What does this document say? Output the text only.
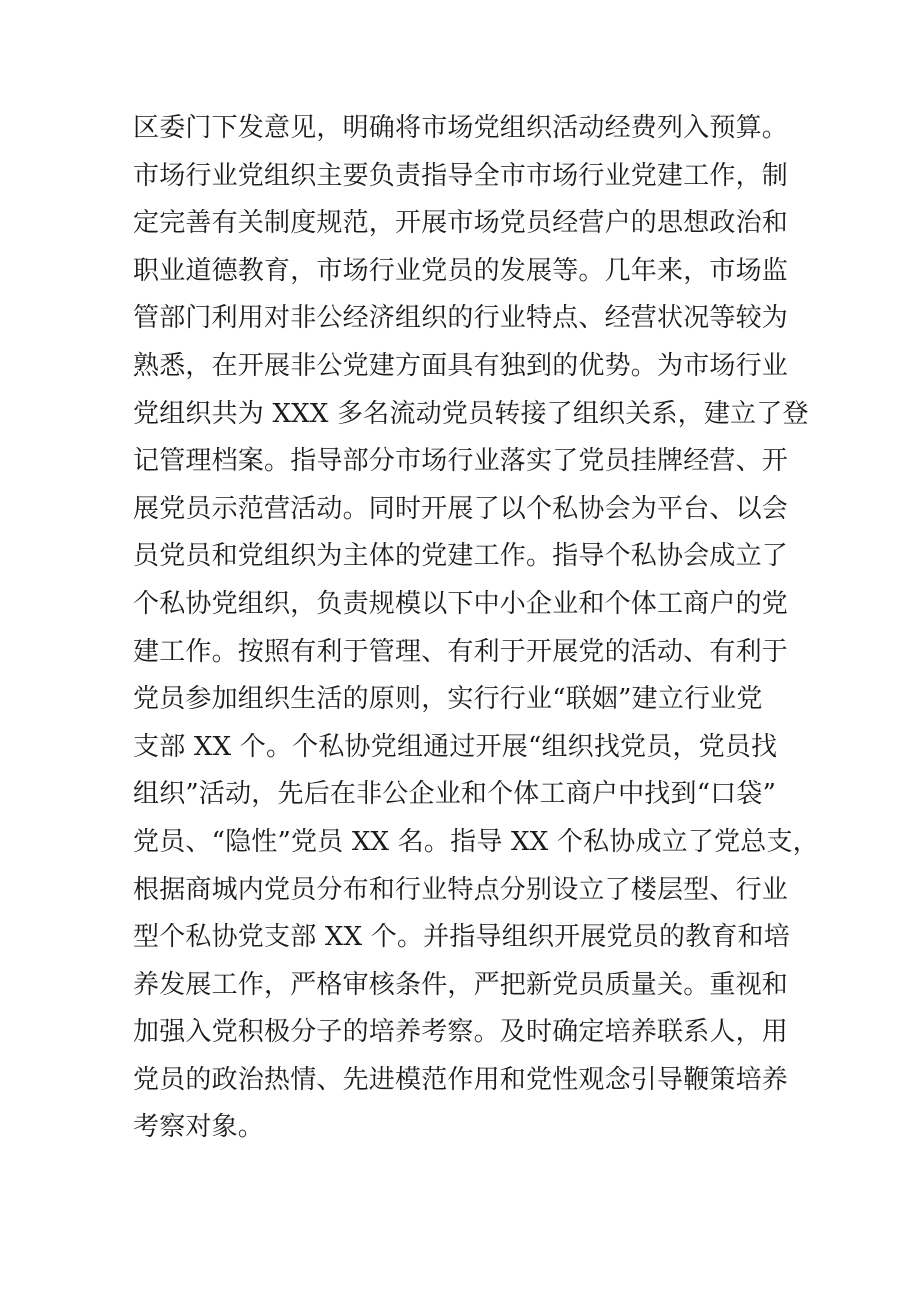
区委门下发意见，明确将市场党组织活动经费列入预算。
市场行业党组织主要负责指导全市市场行业党建工作，制
定完善有关制度规范，开展市场党员经营户的思想政治和
职业道德教育，市场行业党员的发展等。几年来，市场监
管部门利用对非公经济组织的行业特点、经营状况等较为
熟悉，在开展非公党建方面具有独到的优势。为市场行业
党组织共为 XXX 多名流动党员转接了组织关系，建立了登
记管理档案。指导部分市场行业落实了党员挂牌经营、开
展党员示范营活动。同时开展了以个私协会为平台、以会
员党员和党组织为主体的党建工作。指导个私协会成立了
个私协党组织，负责规模以下中小企业和个体工商户的党
建工作。按照有利于管理、有利于开展党的活动、有利于
党员参加组织生活的原则，实行行业“联姻”建立行业党
支部 XX 个。个私协党组通过开展“组织找党员，党员找
组织”活动，先后在非公企业和个体工商户中找到“口袋”
党员、“隐性”党员 XX 名。指导 XX 个私协成立了党总支，
根据商城内党员分布和行业特点分别设立了楼层型、行业
型个私协党支部 XX 个。并指导组织开展党员的教育和培
养发展工作，严格审核条件，严把新党员质量关。重视和
加强入党积极分子的培养考察。及时确定培养联系人，用
党员的政治热情、先进模范作用和党性观念引导鞭策培养
考察对象。
